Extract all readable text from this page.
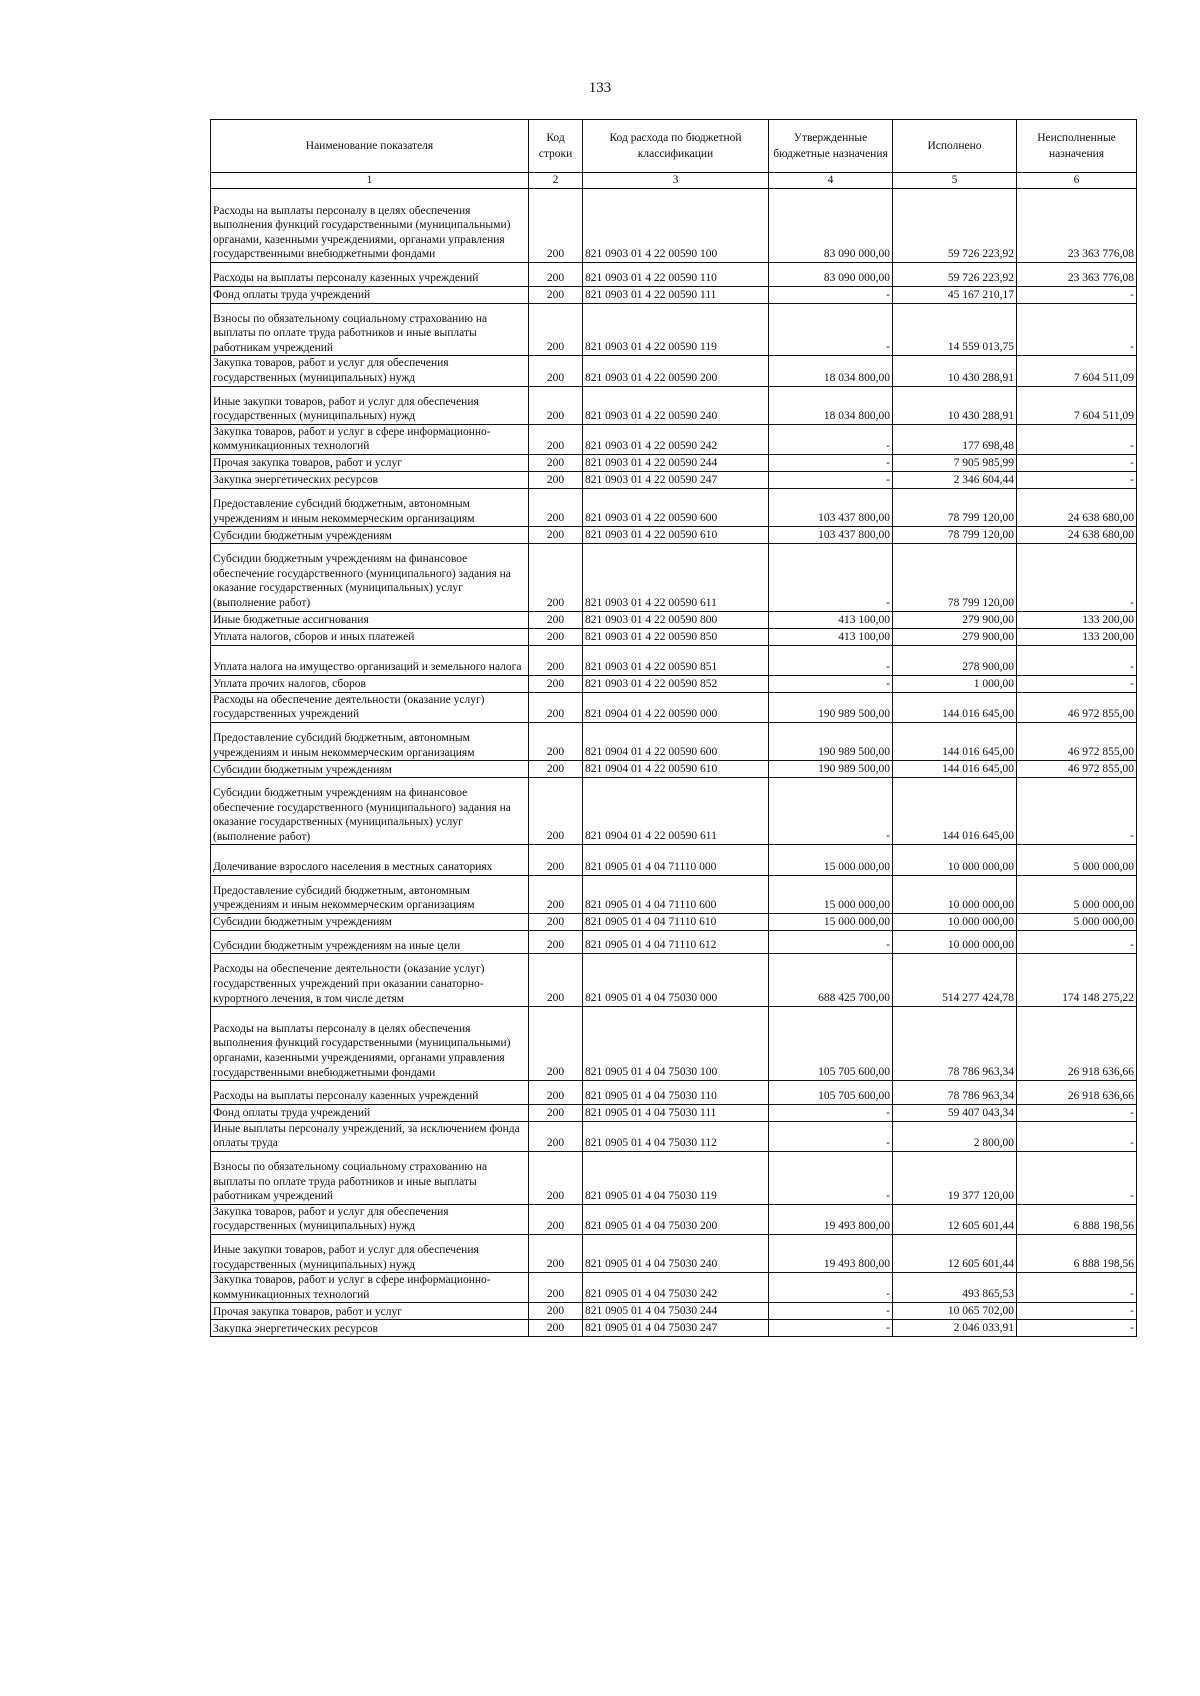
133
Наименование показателя	Код строки	Код расхода по бюджетной классификации	Утвержденные бюджетные назначения	Исполнено	Неисполненные назначения
1	2	3	4	5	6
Расходы на выплаты персоналу в целях обеспечения выполнения функций государственными (муниципальными) органами, казенными учреждениями, органами управления государственными внебюджетными фондами	200	821 0903 01 4 22 00590 100	83 090 000,00	59 726 223,92	23 363 776,08
Расходы на выплаты персоналу казенных учреждений	200	821 0903 01 4 22 00590 110	83 090 000,00	59 726 223,92	23 363 776,08
Фонд оплаты труда учреждений	200	821 0903 01 4 22 00590 111	-	45 167 210,17	-
Взносы по обязательному социальному страхованию на выплаты по оплате труда работников и иные выплаты работникам учреждений	200	821 0903 01 4 22 00590 119	-	14 559 013,75	-
Закупка товаров, работ и услуг для обеспечения государственных (муниципальных) нужд	200	821 0903 01 4 22 00590 200	18 034 800,00	10 430 288,91	7 604 511,09
Иные закупки товаров, работ и услуг для обеспечения государственных (муниципальных) нужд	200	821 0903 01 4 22 00590 240	18 034 800,00	10 430 288,91	7 604 511,09
Закупка товаров, работ и услуг в сфере информационно-коммуникационных технологий	200	821 0903 01 4 22 00590 242	-	177 698,48	-
Прочая закупка товаров, работ и услуг	200	821 0903 01 4 22 00590 244	-	7 905 985,99	-
Закупка энергетических ресурсов	200	821 0903 01 4 22 00590 247	-	2 346 604,44	-
Предоставление субсидий бюджетным, автономным учреждениям и иным некоммерческим организациям	200	821 0903 01 4 22 00590 600	103 437 800,00	78 799 120,00	24 638 680,00
Субсидии бюджетным учреждениям	200	821 0903 01 4 22 00590 610	103 437 800,00	78 799 120,00	24 638 680,00
Субсидии бюджетным учреждениям на финансовое обеспечение государственного (муниципального) задания на оказание государственных (муниципальных) услуг (выполнение работ)	200	821 0903 01 4 22 00590 611	-	78 799 120,00	-
Иные бюджетные ассигнования	200	821 0903 01 4 22 00590 800	413 100,00	279 900,00	133 200,00
Уплата налогов, сборов и иных платежей	200	821 0903 01 4 22 00590 850	413 100,00	279 900,00	133 200,00
Уплата налога на имущество организаций и земельного налога	200	821 0903 01 4 22 00590 851	-	278 900,00	-
Уплата прочих налогов, сборов	200	821 0903 01 4 22 00590 852	-	1 000,00	-
Расходы на обеспечение деятельности (оказание услуг) государственных учреждений	200	821 0904 01 4 22 00590 000	190 989 500,00	144 016 645,00	46 972 855,00
Предоставление субсидий бюджетным, автономным учреждениям и иным некоммерческим организациям	200	821 0904 01 4 22 00590 600	190 989 500,00	144 016 645,00	46 972 855,00
Субсидии бюджетным учреждениям	200	821 0904 01 4 22 00590 610	190 989 500,00	144 016 645,00	46 972 855,00
Субсидии бюджетным учреждениям на финансовое обеспечение государственного (муниципального) задания на оказание государственных (муниципальных) услуг (выполнение работ)	200	821 0904 01 4 22 00590 611	-	144 016 645,00	-
Долечивание взрослого населения в местных санаториях	200	821 0905 01 4 04 71110 000	15 000 000,00	10 000 000,00	5 000 000,00
Предоставление субсидий бюджетным, автономным учреждениям и иным некоммерческим организациям	200	821 0905 01 4 04 71110 600	15 000 000,00	10 000 000,00	5 000 000,00
Субсидии бюджетным учреждениям	200	821 0905 01 4 04 71110 610	15 000 000,00	10 000 000,00	5 000 000,00
Субсидии бюджетным учреждениям на иные цели	200	821 0905 01 4 04 71110 612	-	10 000 000,00	-
Расходы на обеспечение деятельности (оказание услуг) государственных учреждений при оказании санаторно-курортного лечения, в том числе детям	200	821 0905 01 4 04 75030 000	688 425 700,00	514 277 424,78	174 148 275,22
Расходы на выплаты персоналу в целях обеспечения выполнения функций государственными (муниципальными) органами, казенными учреждениями, органами управления государственными внебюджетными фондами	200	821 0905 01 4 04 75030 100	105 705 600,00	78 786 963,34	26 918 636,66
Расходы на выплаты персоналу казенных учреждений	200	821 0905 01 4 04 75030 110	105 705 600,00	78 786 963,34	26 918 636,66
Фонд оплаты труда учреждений	200	821 0905 01 4 04 75030 111	-	59 407 043,34	-
Иные выплаты персоналу учреждений, за исключением фонда оплаты труда	200	821 0905 01 4 04 75030 112	-	2 800,00	-
Взносы по обязательному социальному страхованию на выплаты по оплате труда работников и иные выплаты работникам учреждений	200	821 0905 01 4 04 75030 119	-	19 377 120,00	-
Закупка товаров, работ и услуг для обеспечения государственных (муниципальных) нужд	200	821 0905 01 4 04 75030 200	19 493 800,00	12 605 601,44	6 888 198,56
Иные закупки товаров, работ и услуг для обеспечения государственных (муниципальных) нужд	200	821 0905 01 4 04 75030 240	19 493 800,00	12 605 601,44	6 888 198,56
Закупка товаров, работ и услуг в сфере информационно-коммуникационных технологий	200	821 0905 01 4 04 75030 242	-	493 865,53	-
Прочая закупка товаров, работ и услуг	200	821 0905 01 4 04 75030 244	-	10 065 702,00	-
Закупка энергетических ресурсов	200	821 0905 01 4 04 75030 247	-	2 046 033,91	-
